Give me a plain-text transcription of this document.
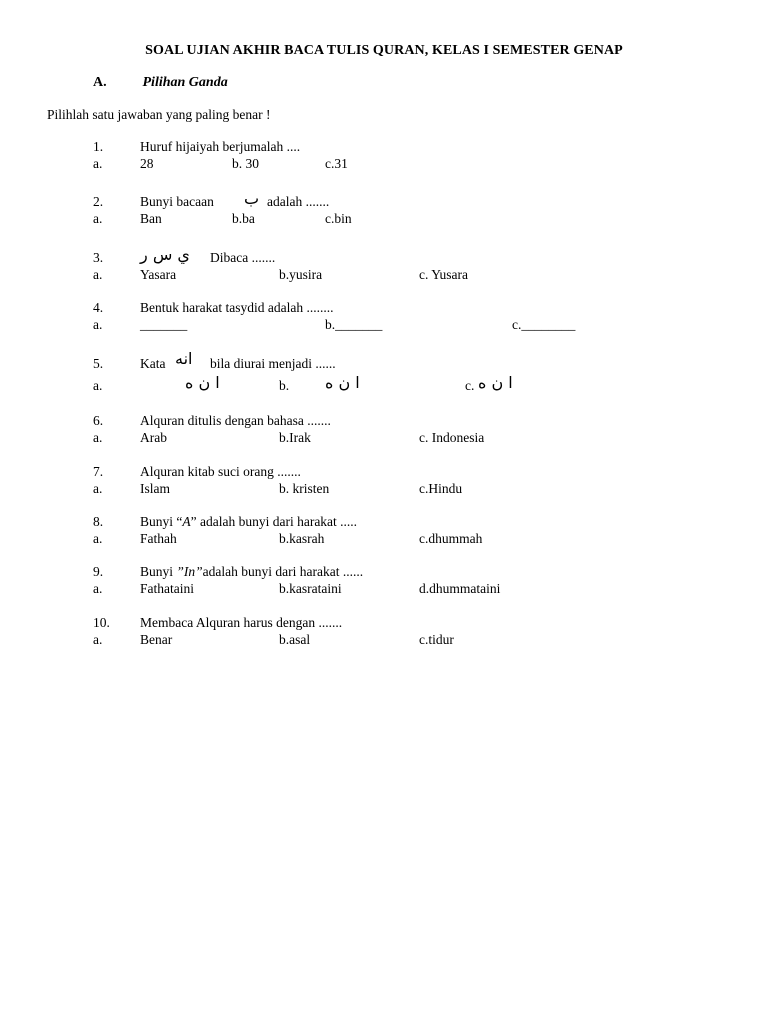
SOAL UJIAN AKHIR BACA TULIS QURAN, KELAS I SEMESTER GENAP
A.	Pilihan Ganda
Pilihlah satu jawaban yang paling benar !
1.	Huruf hijaiyah berjumalah ....
a.	28	b. 30	c.31
2.	Bunyi bacaan ب adalah .......
a.	Ban	b.ba	c.bin
3. ي س ر Dibaca .......
a.	Yasara	b.yusira	c. Yusara
4.	Bentuk harakat tasydid adalah ........
a.	_______	b._______	c.________
5.	Kata انه bila diurai menjadi ......
a.	ا ن ه	b. ا ن ه	c. ا ن ه
6.	Alquran ditulis dengan bahasa .......
a.	Arab	b.Irak	c. Indonesia
7.	Alquran kitab suci orang .......
a.	Islam	b. kristen	c.Hindu
8.	Bunyi “A” adalah bunyi dari harakat .....
a.	Fathah	b.kasrah	c.dhummah
9.	Bunyi ”In”adalah bunyi dari harakat ......
a.	Fathataini	b.kasrataini	d.dhummataini
10. Membaca Alquran harus dengan .......
a.	Benar	b.asal	c.tidur
